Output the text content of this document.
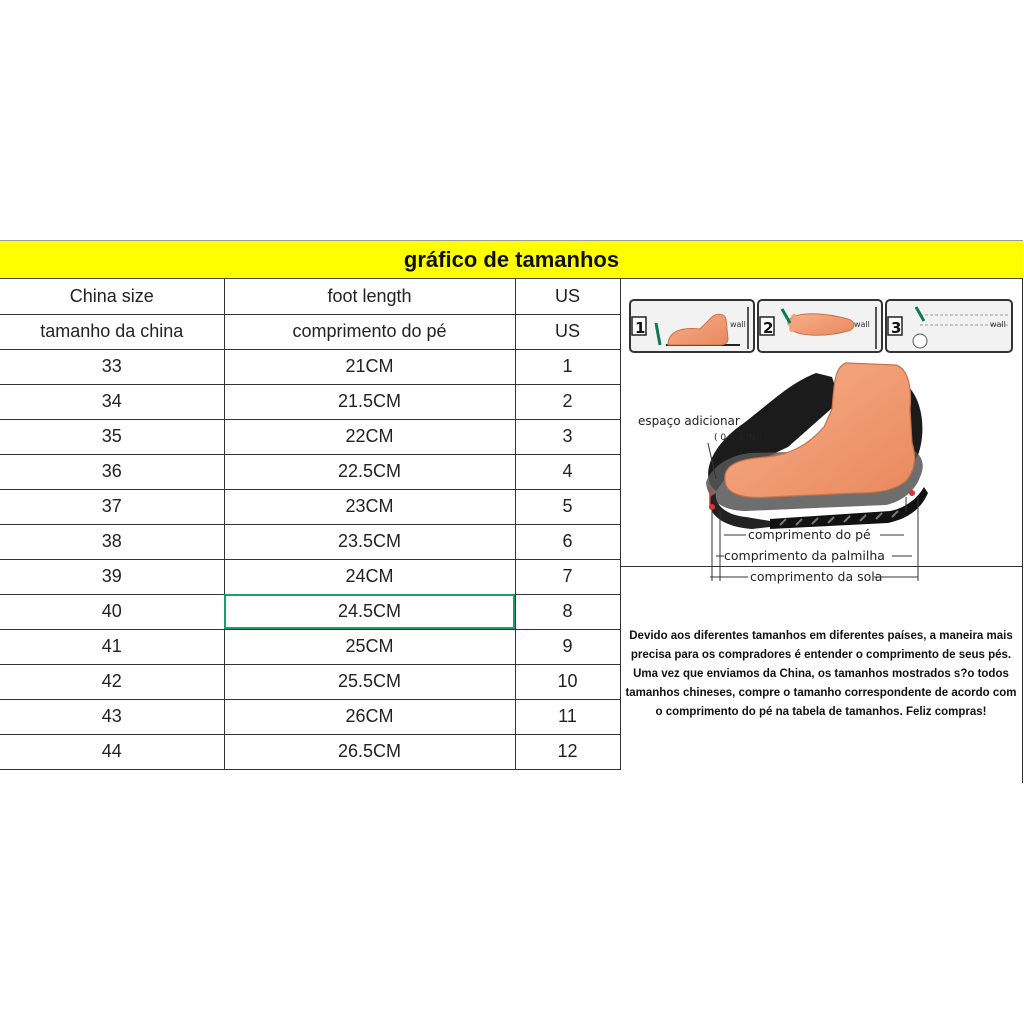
gráfico de tamanhos
China size	foot length	US
tamanho da china	comprimento do pé	US
33	21CM	1
34	21.5CM	2
35	22CM	3
36	22.5CM	4
37	23CM	5
38	23.5CM	6
39	24CM	7
40	24.5CM	8
41	25CM	9
42	25.5CM	10
43	26CM	11
44	26.5CM	12
1	wall 2	wall 3	wall
espaço adicionar
( 0-0,4 IN )
comprimento do pé
comprimento da palmilha
comprimento da sola

Devido aos diferentes tamanhos em diferentes países, a maneira mais precisa para os compradores é entender o comprimento de seus pés. Uma vez que enviamos da China, os tamanhos mostrados s?o todos tamanhos chineses, compre o tamanho correspondente de acordo com o comprimento do pé na tabela de tamanhos. Feliz compras!
